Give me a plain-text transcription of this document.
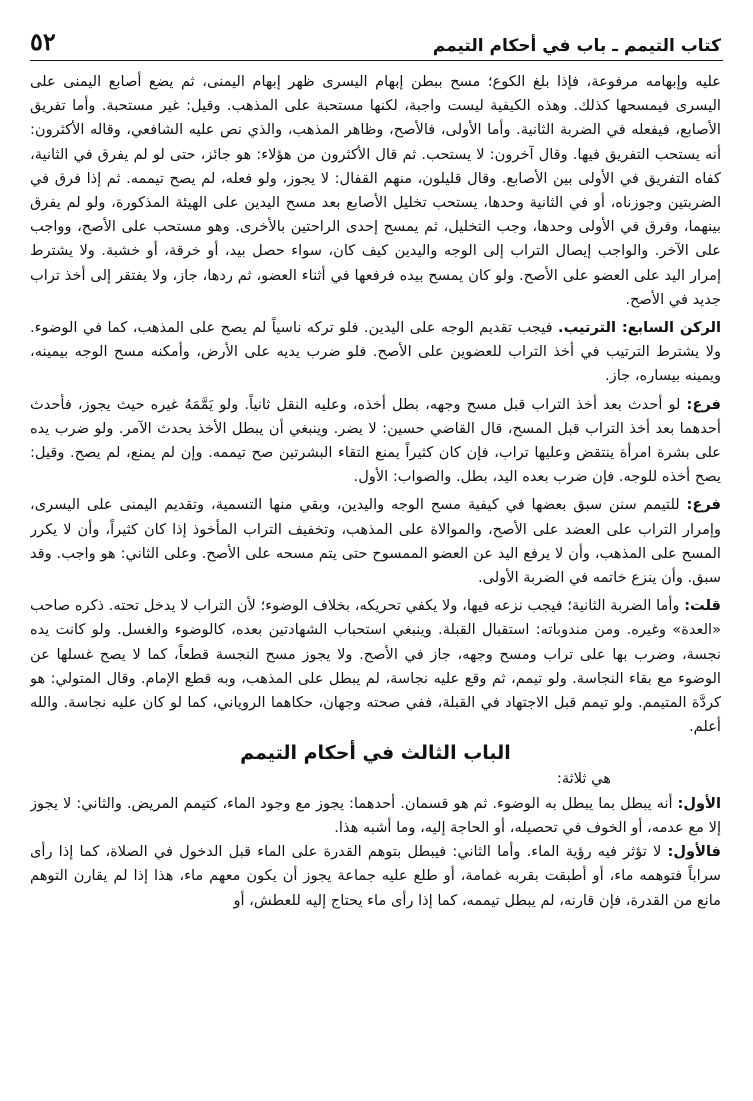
كتاب التيمم ـ باب في أحكام التيمم
٥٢

عليه وإبهامه مرفوعة، فإذا بلغ الكوع؛ مسح ببطن إبهام اليسرى ظهر إبهام اليمنى، ثم يضع أصابع اليمنى على اليسرى فيمسحها كذلك. وهذه الكيفية ليست واجبة، لكنها مستحبة على المذهب. وقيل: غير مستحبة. وأما تفريق الأصابع، فيفعله في الضربة الثانية. وأما الأولى، فالأصح، وظاهر المذهب، والذي نص عليه الشافعي، وقاله الأكثرون: أنه يستحب التفريق فيها. وقال آخرون: لا يستحب. ثم قال الأكثرون من هؤلاء: هو جائز، حتى لو لم يفرق في الثانية، كفاه التفريق في الأولى بين الأصابع. وقال قليلون، منهم القفال: لا يجوز، ولو فعله، لم يصح تيممه. ثم إذا فرق في الضربتين وجوزناه، أو في الثانية وحدها، يستحب تخليل الأصابع بعد مسح اليدين على الهيئة المذكورة، ولو لم يفرق بينهما، وفرق في الأولى وحدها، وجب التخليل، ثم يمسح إحدى الراحتين بالأخرى. وهو مستحب على الأصح، وواجب على الآخر. والواجب إيصال التراب إلى الوجه واليدين كيف كان، سواء حصل بيد، أو خرقة، أو خشبة. ولا يشترط إمرار اليد على العضو على الأصح. ولو كان يمسح بيده فرفعها في أثناء العضو، ثم ردها، جاز، ولا يفتقر إلى أخذ تراب جديد في الأصح.

الركن السابع: الترتيب. فيجب تقديم الوجه على اليدين. فلو تركه ناسياً لم يصح على المذهب، كما في الوضوء. ولا يشترط الترتيب في أخذ التراب للعضوين على الأصح. فلو ضرب يديه على الأرض، وأمكنه مسح الوجه بيمينه، ويمينه بيساره، جاز.

فرع: لو أحدث بعد أخذ التراب قبل مسح وجهه، بطل أخذه، وعليه النقل ثانياً. ولو يَمَّمَهُ غيره حيث يجوز، فأحدث أحدهما بعد أخذ التراب قبل المسح، قال القاضي حسين: لا يضر. وينبغي أن يبطل الأخذ بحدث الآمر. ولو ضرب يده على بشرة امرأة ينتقض وعليها تراب، فإن كان كثيراً يمنع التقاء البشرتين صح تيممه. وإن لم يمنع، لم يصح. وقيل: يصح أخذه للوجه. فإن ضرب بعده اليد، بطل. والصواب: الأول.

فرع: للتيمم سنن سبق بعضها في كيفية مسح الوجه واليدين، وبقي منها التسمية، وتقديم اليمنى على اليسرى، وإمرار التراب على العضد على الأصح، والموالاة على المذهب، وتخفيف التراب المأخوذ إذا كان كثيراً، وأن لا يكرر المسح على المذهب، وأن لا يرفع اليد عن العضو الممسوح حتى يتم مسحه على الأصح. وعلى الثاني: هو واجب. وقد سبق. وأن ينزع خاتمه في الضربة الأولى.

قلت: وأما الضربة الثانية؛ فيجب نزعه فيها، ولا يكفي تحريكه، بخلاف الوضوء؛ لأن التراب لا يدخل تحته. ذكره صاحب «العدة» وغيره. ومن مندوباته: استقبال القبلة. وينبغي استحباب الشهادتين بعده، كالوضوء والغسل. ولو كانت يده نجسة، وضرب بها على تراب ومسح وجهه، جاز في الأصح. ولا يجوز مسح النجسة قطعاً، كما لا يصح غسلها عن الوضوء مع بقاء النجاسة. ولو تيمم، ثم وقع عليه نجاسة، لم يبطل على المذهب، وبه قطع الإمام. وقال المتولي: هو كردَّة المتيمم. ولو تيمم قبل الاجتهاد في القبلة، ففي صحته وجهان، حكاهما الروياني، كما لو كان عليه نجاسة. والله أعلم.

الباب الثالث في أحكام التيمم

هي ثلاثة:

الأول: أنه يبطل بما يبطل به الوضوء. ثم هو قسمان. أحدهما: يجوز مع وجود الماء، كتيمم المريض. والثاني: لا يجوز إلا مع عدمه، أو الخوف في تحصيله، أو الحاجة إليه، وما أشبه هذا.

فالأول: لا تؤثر فيه رؤية الماء. وأما الثاني: فيبطل بتوهم القدرة على الماء قبل الدخول في الصلاة، كما إذا رأى سراباً فتوهمه ماء، أو أطبقت بقربه غمامة، أو طلع عليه جماعة يجوز أن يكون معهم ماء، هذا إذا لم يقارن التوهم مانع من القدرة، فإن قارنه، لم يبطل تيممه، كما إذا رأى ماء يحتاج إليه للعطش، أو
